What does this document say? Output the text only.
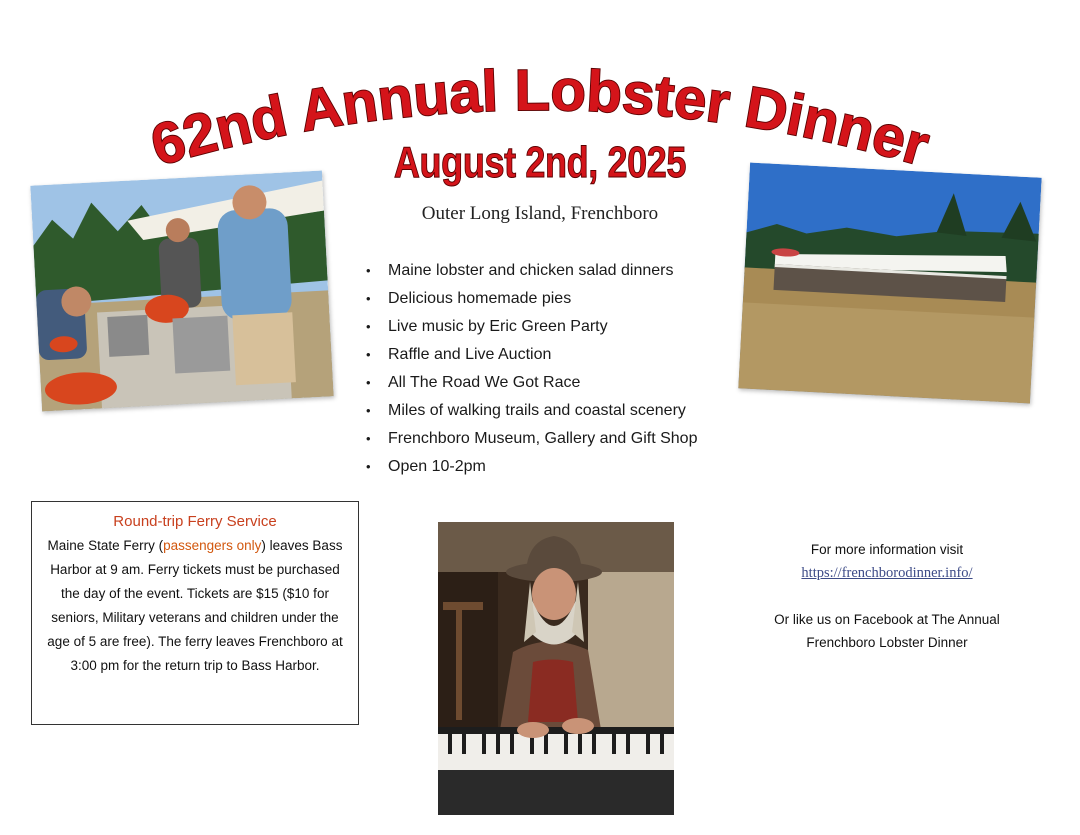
62nd Annual Lobster Dinner
August 2nd, 2025
Outer Long Island, Frenchboro
• Maine lobster and chicken salad dinners
• Delicious homemade pies
• Live music by Eric Green Party
• Raffle and Live Auction
• All The Road We Got Race
• Miles of walking trails and coastal scenery
• Frenchboro Museum, Gallery and Gift Shop
• Open 10-2pm
Round-trip Ferry Service
Maine State Ferry (passengers only) leaves Bass Harbor at 9 am. Ferry tickets must be purchased the day of the event. Tickets are $15 ($10 for seniors, Military veterans and children under the age of 5 are free). The ferry leaves Frenchboro at 3:00 pm for the return trip to Bass Harbor.
For more information visit
https://frenchborodinner.info/
Or like us on Facebook at The Annual Frenchboro Lobster Dinner
